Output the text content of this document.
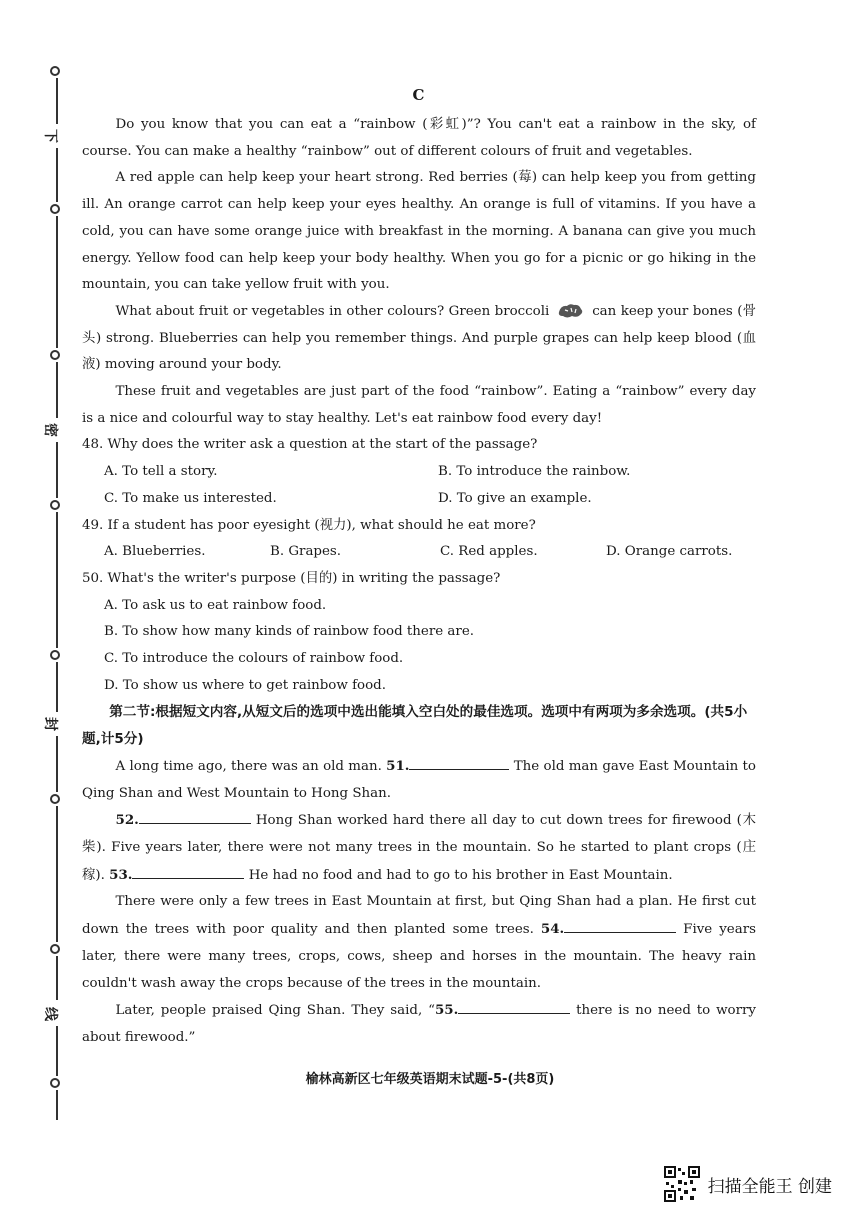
下
密
封
线
C

Do you know that you can eat a “rainbow (彩虹)”? You can't eat a rainbow in the sky, of course. You can make a healthy “rainbow” out of different colours of fruit and vegetables.

A red apple can help keep your heart strong. Red berries (莓) can help keep you from getting ill. An orange carrot can help keep your eyes healthy. An orange is full of vitamins. If you have a cold, you can have some orange juice with breakfast in the morning. A banana can give you much energy. Yellow food can help keep your body healthy. When you go for a picnic or go hiking in the mountain, you can take yellow fruit with you.

What about fruit or vegetables in other colours? Green broccoli	can keep your bones (骨头) strong. Blueberries can help you remember things. And purple grapes can help keep blood (血液) moving around your body.

These fruit and vegetables are just part of the food “rainbow”. Eating a “rainbow” every day is a nice and colourful way to stay healthy. Let's eat rainbow food every day!

48. Why does the writer ask a question at the start of the passage?

A. To tell a story.	B. To introduce the rainbow.
C. To make us interested.	D. To give an example.

49. If a student has poor eyesight (视力), what should he eat more?

A. Blueberries.	B. Grapes.	C. Red apples.	D. Orange carrots.

50. What's the writer's purpose (目的) in writing the passage?

A. To ask us to eat rainbow food.
B. To show how many kinds of rainbow food there are.
C. To introduce the colours of rainbow food.
D. To show us where to get rainbow food.

第二节:根据短文内容,从短文后的选项中选出能填入空白处的最佳选项。选项中有两项为多余选项。(共5小题,计5分)

A long time ago, there was an old man. 51.	The old man gave East Mountain to Qing Shan and West Mountain to Hong Shan.

52.	Hong Shan worked hard there all day to cut down trees for firewood (木柴). Five years later, there were not many trees in the mountain. So he started to plant crops (庄稼). 53.	He had no food and had to go to his brother in East Mountain.

There were only a few trees in East Mountain at first, but Qing Shan had a plan. He first cut down the trees with poor quality and then planted some trees. 54.	Five years later, there were many trees, crops, cows, sheep and horses in the mountain. The heavy rain couldn't wash away the crops because of the trees in the mountain.

Later, people praised Qing Shan. They said, “55.	there is no need to worry about firewood.”

榆林高新区七年级英语期末试题-5-(共8页)
扫描全能王 创建
